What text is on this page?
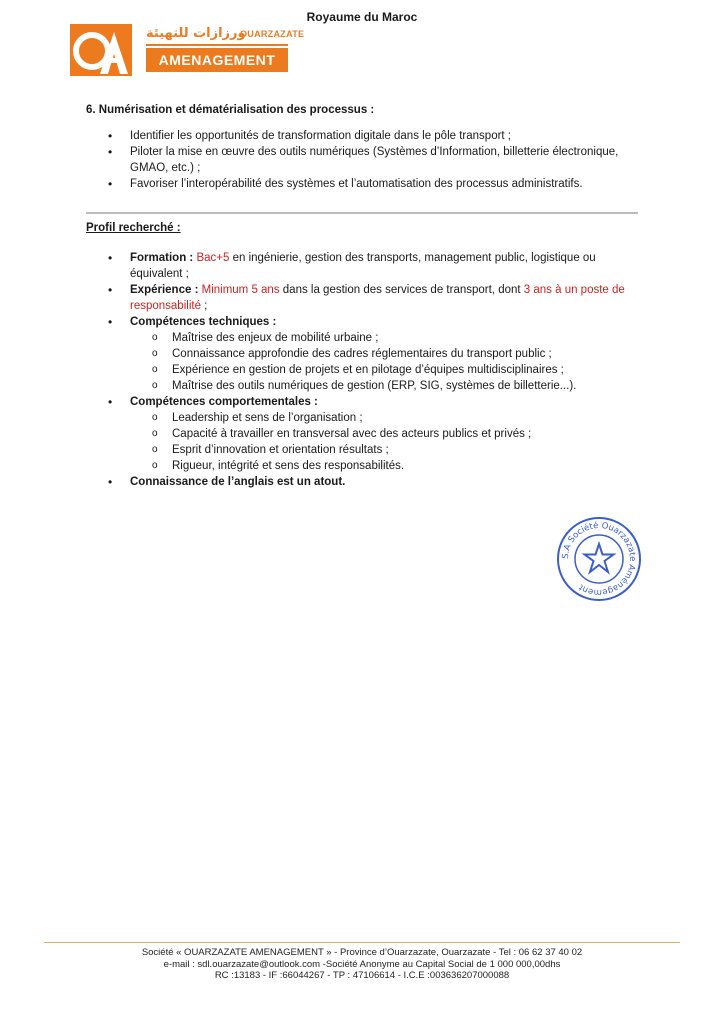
Royaume du Maroc
ورزازات للتهيئة
OUARZAZATE
AMENAGEMENT
6. Numérisation et dématérialisation des processus :
• Identifier les opportunités de transformation digitale dans le pôle transport ;
• Piloter la mise en œuvre des outils numériques (Systèmes d’Information, billetterie électronique, GMAO, etc.) ;
• Favoriser l’interopérabilité des systèmes et l’automatisation des processus administratifs.
Profil recherché :
• Formation : Bac+5 en ingénierie, gestion des transports, management public, logistique ou équivalent ;
• Expérience : Minimum 5 ans dans la gestion des services de transport, dont 3 ans à un poste de responsabilité ;
• Compétences techniques :
o Maîtrise des enjeux de mobilité urbaine ;
o Connaissance approfondie des cadres réglementaires du transport public ;
o Expérience en gestion de projets et en pilotage d’équipes multidisciplinaires ;
o Maîtrise des outils numériques de gestion (ERP, SIG, systèmes de billetterie...).
• Compétences comportementales :
o Leadership et sens de l’organisation ;
o Capacité à travailler en transversal avec des acteurs publics et privés ;
o Esprit d’innovation et orientation résultats ;
o Rigueur, intégrité et sens des responsabilités.
• Connaissance de l’anglais est un atout.
S.A Société Ouarzazate Aménagement
Société « OUARZAZATE AMENAGEMENT » - Province d’Ouarzazate, Ouarzazate - Tel : 06 62 37 40 02
e-mail : sdl.ouarzazate@outlook.com -Société Anonyme au Capital Social de 1 000 000,00dhs
RC :13183 - IF :66044267 - TP : 47106614 - I.C.E :003636207000088
